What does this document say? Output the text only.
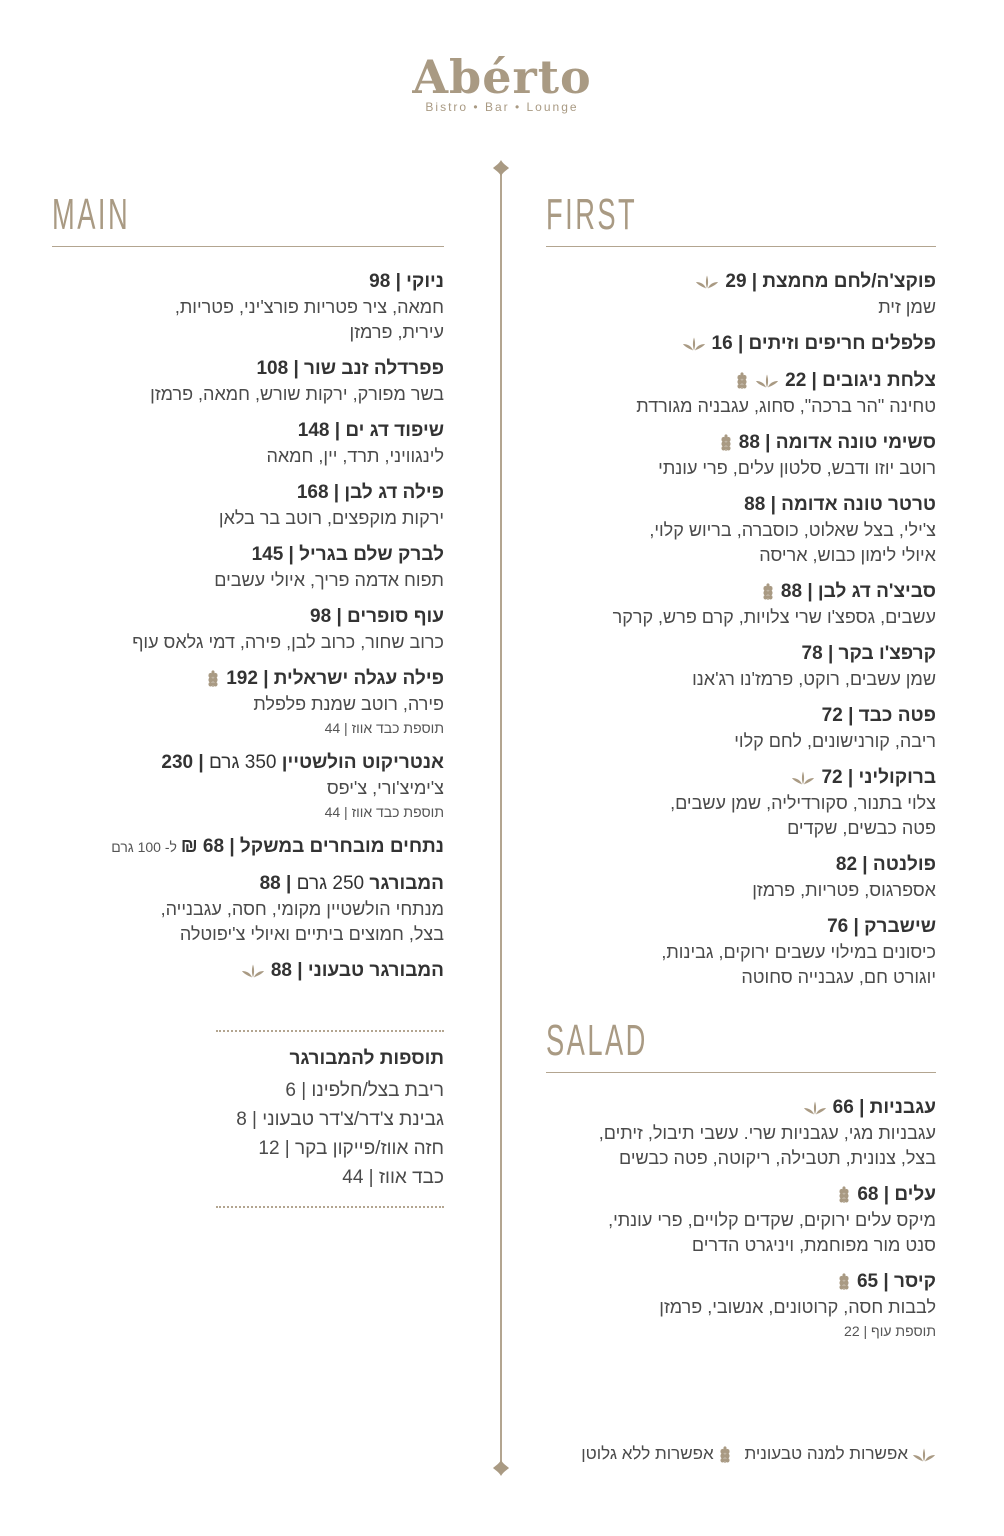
Abérto
Bistro • Bar • Lounge
MAIN
ניוקי | 98
חמאה, ציר פטריות פורצ'יני, פטריות,
עירית, פרמזן
פפרדלה זנב שור | 108
בשר מפורק, ירקות שורש, חמאה, פרמזן
שיפוד דג ים | 148
לינגוויני, תרד, יין, חמאה
פילה דג לבן | 168
ירקות מוקפצים, רוטב בר בלאן
לברק שלם בגריל | 145
תפוח אדמה פריך, איולי עשבים
עוף סופרים | 98
כרוב שחור, כרוב לבן, פירה, דמי גלאס עוף
פילה עגלה ישראלית | 192
פירה, רוטב שמנת פלפלת
תוספת כבד אווז | 44
אנטריקוט הולשטיין 350 גרם | 230
צ'ימיצ'ורי, צ'יפס
תוספת כבד אווז | 44
נתחים מובחרים במשקל | 68 ₪ ל- 100 גרם
המבורגר 250 גרם | 88
מנתחי הולשטיין מקומי, חסה, עגבנייה,
בצל, חמוצים ביתיים ואיולי צ'יפוטלה
המבורגר טבעוני | 88
תוספות להמבורגר
ריבת בצל/חלפינו | 6
גבינת צ'דר/צ'דר טבעוני | 8
חזה אווז/פייקון בקר | 12
כבד אווז | 44
FIRST
פוקצ'ה/לחם מחמצת | 29
שמן זית
פלפלים חריפים וזיתים | 16
צלחת ניגובים | 22
טחינה "הר ברכה", סחוג, עגבניה מגורדת
סשימי טונה אדומה | 88
רוטב יוזו ודבש, סלטון עלים, פרי עונתי
טרטר טונה אדומה | 88
צ'ילי, בצל שאלוט, כוסברה, בריוש קלוי,
איולי לימון כבוש, אריסה
סביצ'ה דג לבן | 88
עשבים, גספצ'ו שרי צלויות, קרם פרש, קרקר
קרפצ'ו בקר | 78
שמן עשבים, רוקט, פרמז'נו רג'אנו
פטה כבד | 72
ריבה, קורנישונים, לחם קלוי
ברוקוליני | 72
צלוי בתנור, סקורדיליה, שמן עשבים,
פטה כבשים, שקדים
פולנטה | 82
אספרגוס, פטריות, פרמזן
שישברק | 76
כיסונים במילוי עשבים ירוקים, גבינות,
יוגורט חם, עגבנייה סחוטה
SALAD
עגבניות | 66
עגבניות מגי, עגבניות שרי. עשבי תיבול, זיתים,
בצל, צנונית, תטבילה, ריקוטה, פטה כבשים
עלים | 68
מיקס עלים ירוקים, שקדים קלויים, פרי עונתי,
סנט מור מפוחמת, ויניגרט הדרים
קיסר | 65
לבבות חסה, קרוטונים, אנשובי, פרמזן
תוספת עוף | 22
אפשרות למנה טבעונית אפשרות ללא גלוטן
